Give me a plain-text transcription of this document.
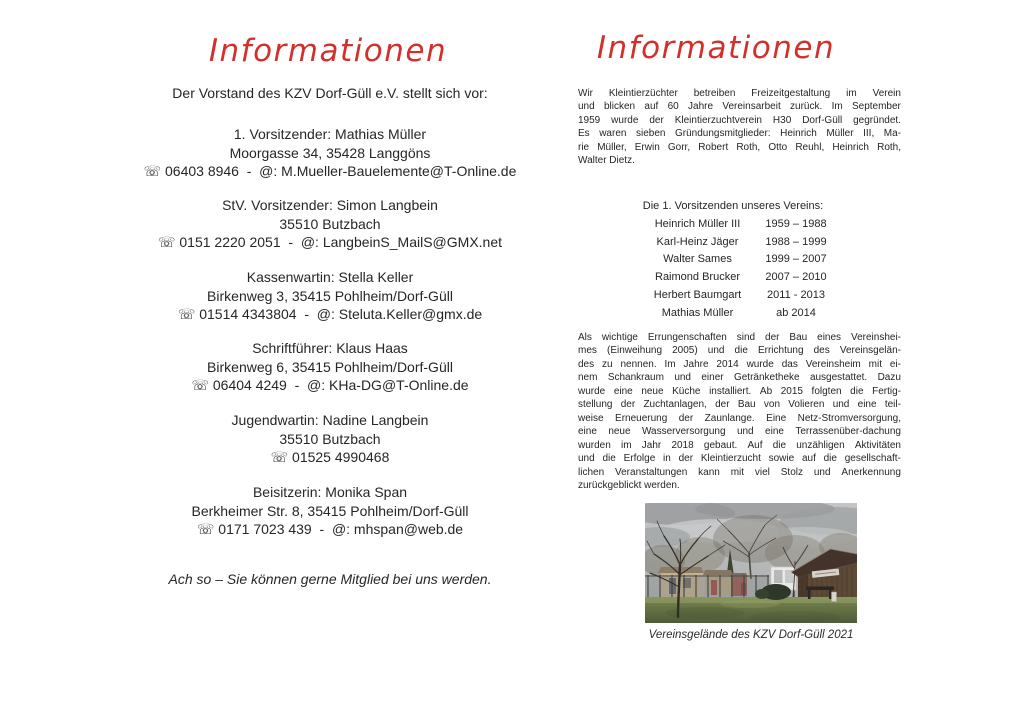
Informationen
Der Vorstand des KZV Dorf-Güll e.V. stellt sich vor:
1. Vorsitzender: Mathias Müller
Moorgasse 34, 35428 Langgöns
☏ 06403 8946  -  @: M.Mueller-Bauelemente@T-Online.de
StV. Vorsitzender: Simon Langbein
35510 Butzbach
☏ 0151 2220 2051  -  @: LangbeinS_MailS@GMX.net
Kassenwartin: Stella Keller
Birkenweg 3, 35415 Pohlheim/Dorf-Güll
☏ 01514 4343804  -  @: Steluta.Keller@gmx.de
Schriftführer: Klaus Haas
Birkenweg 6, 35415 Pohlheim/Dorf-Güll
☏ 06404 4249  -  @: KHa-DG@T-Online.de
Jugendwartin: Nadine Langbein
35510 Butzbach
☏ 01525 4990468
Beisitzerin: Monika Span
Berkheimer Str. 8, 35415 Pohlheim/Dorf-Güll
☏ 0171 7023 439  -  @: mhspan@web.de
Ach so – Sie können gerne Mitglied bei uns werden.
Informationen
Wir Kleintierzüchter betreiben Freizeitgestaltung im Verein
und blicken auf 60 Jahre Vereinsarbeit zurück. Im September
1959 wurde der Kleintierzuchtverein H30 Dorf-Güll gegründet.
Es waren sieben Gründungsmitglieder: Heinrich Müller III, Ma-
rie Müller, Erwin Gorr, Robert Roth, Otto Reuhl, Heinrich Roth,
Walter Dietz.
Die 1. Vorsitzenden unseres Vereins:
Heinrich Müller III	1959 – 1988
Karl-Heinz Jäger	1988 – 1999
Walter Sames	1999 – 2007
Raimond Brucker	2007 – 2010
Herbert Baumgart	2011 - 2013
Mathias Müller	ab 2014
Als wichtige Errungenschaften sind der Bau eines Vereinshei-
mes (Einweihung 2005) und die Errichtung des Vereinsgelän-
des zu nennen. Im Jahre 2014 wurde das Vereinsheim mit ei-
nem Schankraum und einer Getränketheke ausgestattet. Dazu
wurde eine neue Küche installiert. Ab 2015 folgten die Fertig-
stellung der Zuchtanlagen, der Bau von Volieren und eine teil-
weise Erneuerung der Zaunlange. Eine Netz-Stromversorgung,
eine neue Wasserversorgung und eine Terrassenüber-dachung
wurden im Jahr 2018 gebaut. Auf die unzähligen Aktivitäten
und die Erfolge in der Kleintierzucht sowie auf die gesellschaft-
lichen Veranstaltungen kann mit viel Stolz und Anerkennung
zurückgeblickt werden.
Vereinsgelände des KZV Dorf-Güll 2021
